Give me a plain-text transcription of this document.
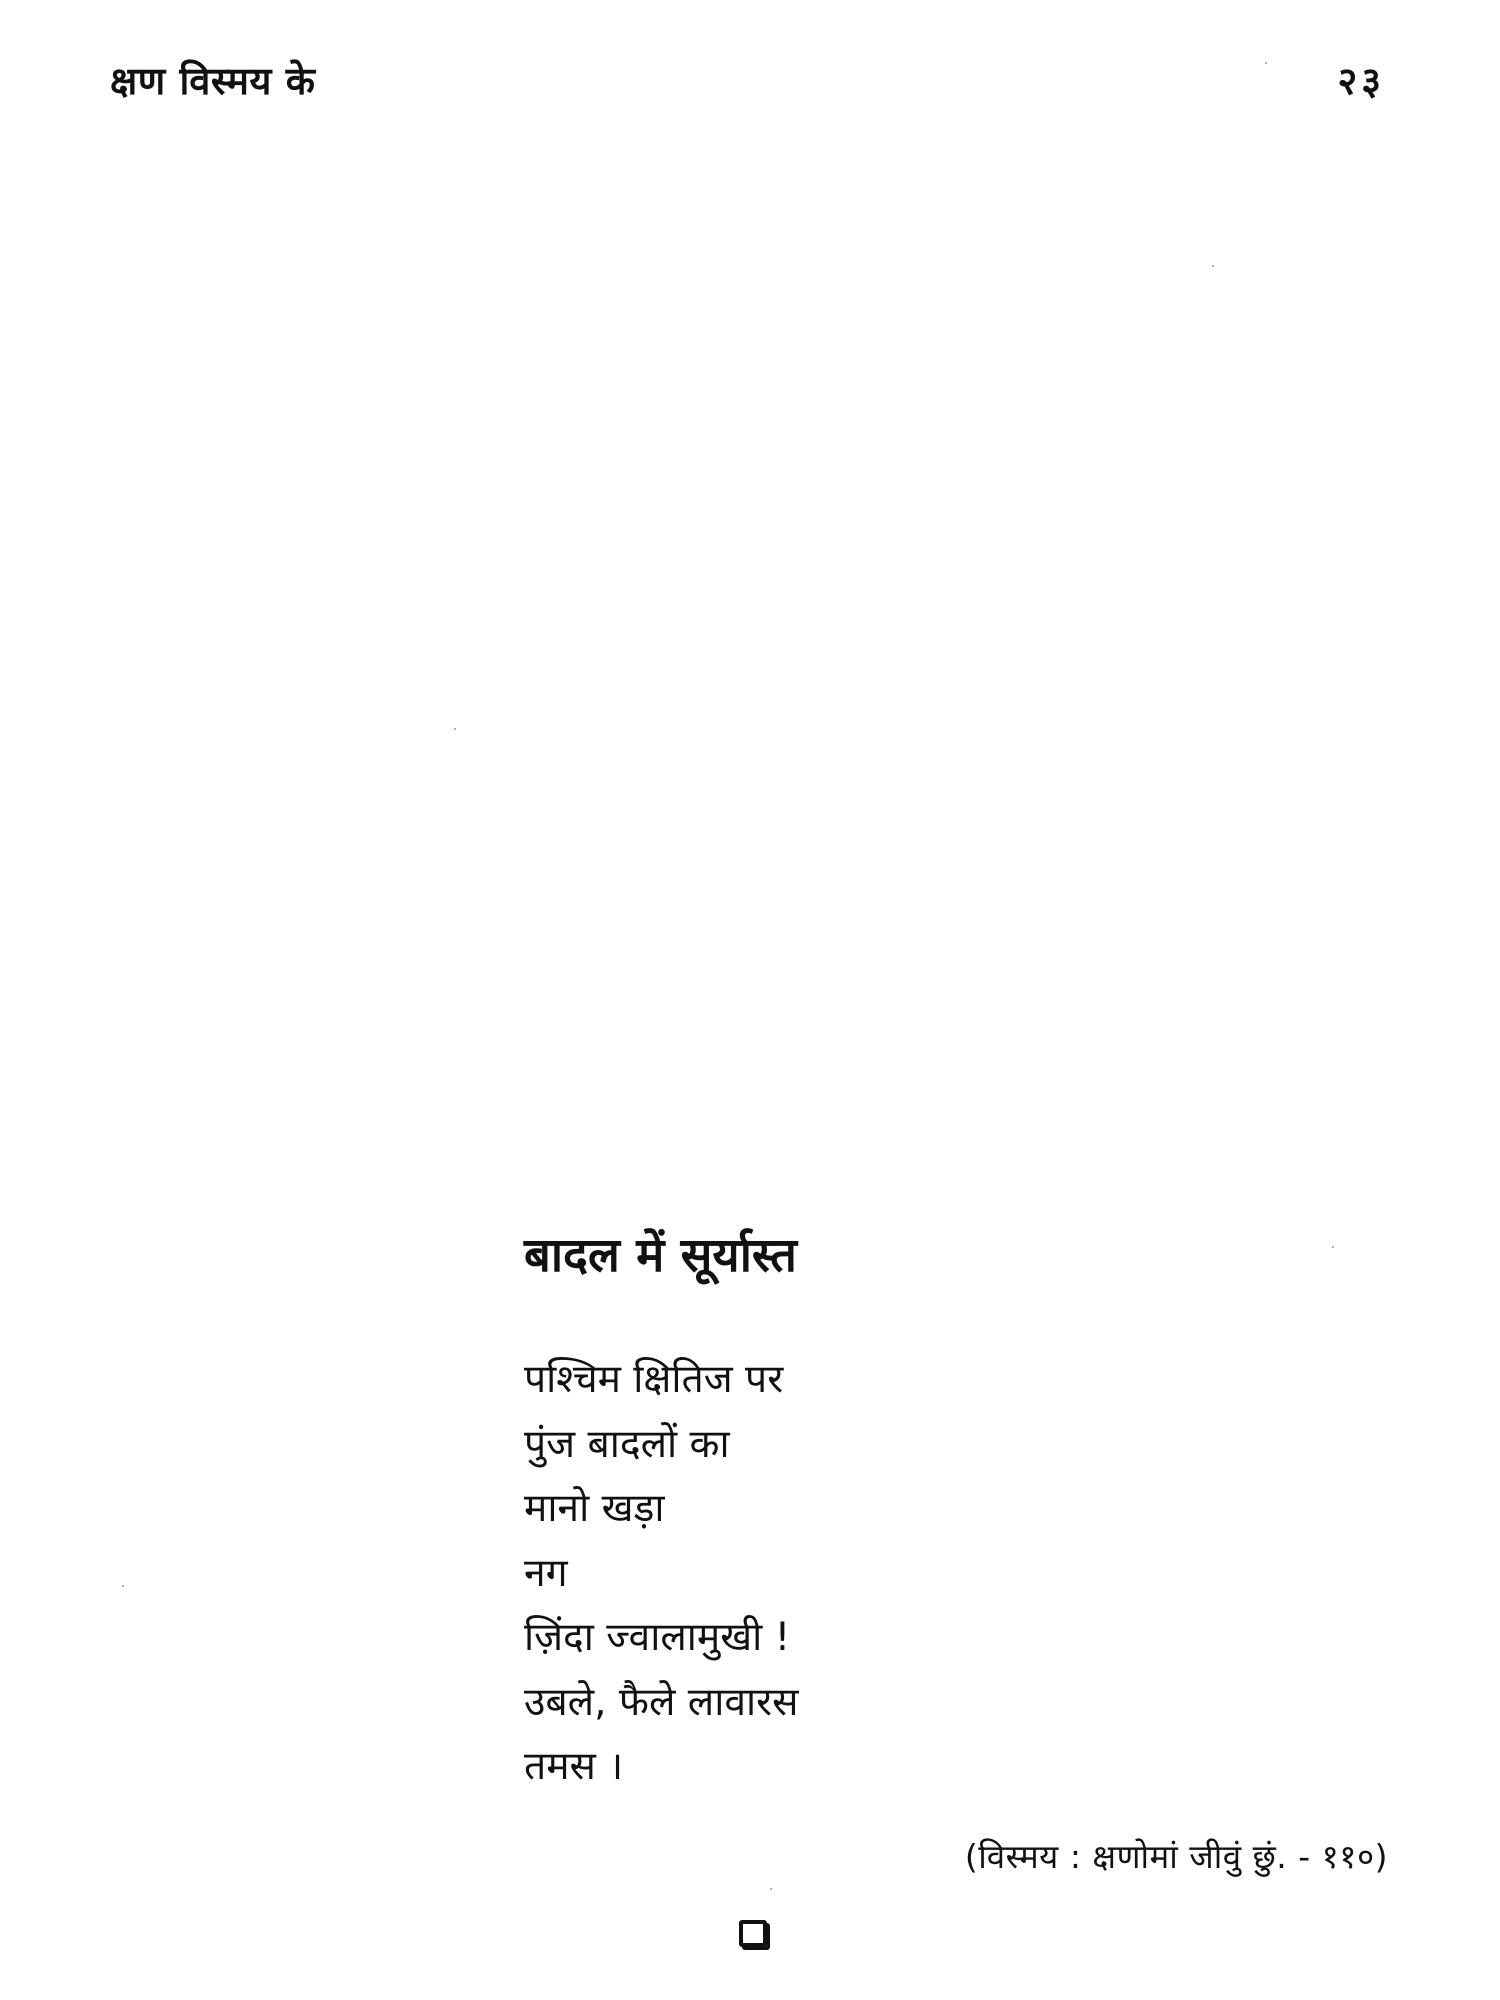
क्षण विस्मय के	२३
बादल में सूर्यास्त
पश्चिम क्षितिज पर
पुंज बादलों का
मानो खड़ा
नग
ज़िंदा ज्वालामुखी !
उबले, फैले लावारस
तमस ।
(विस्मय : क्षणोमां जीवुं छुं. - ११०)
